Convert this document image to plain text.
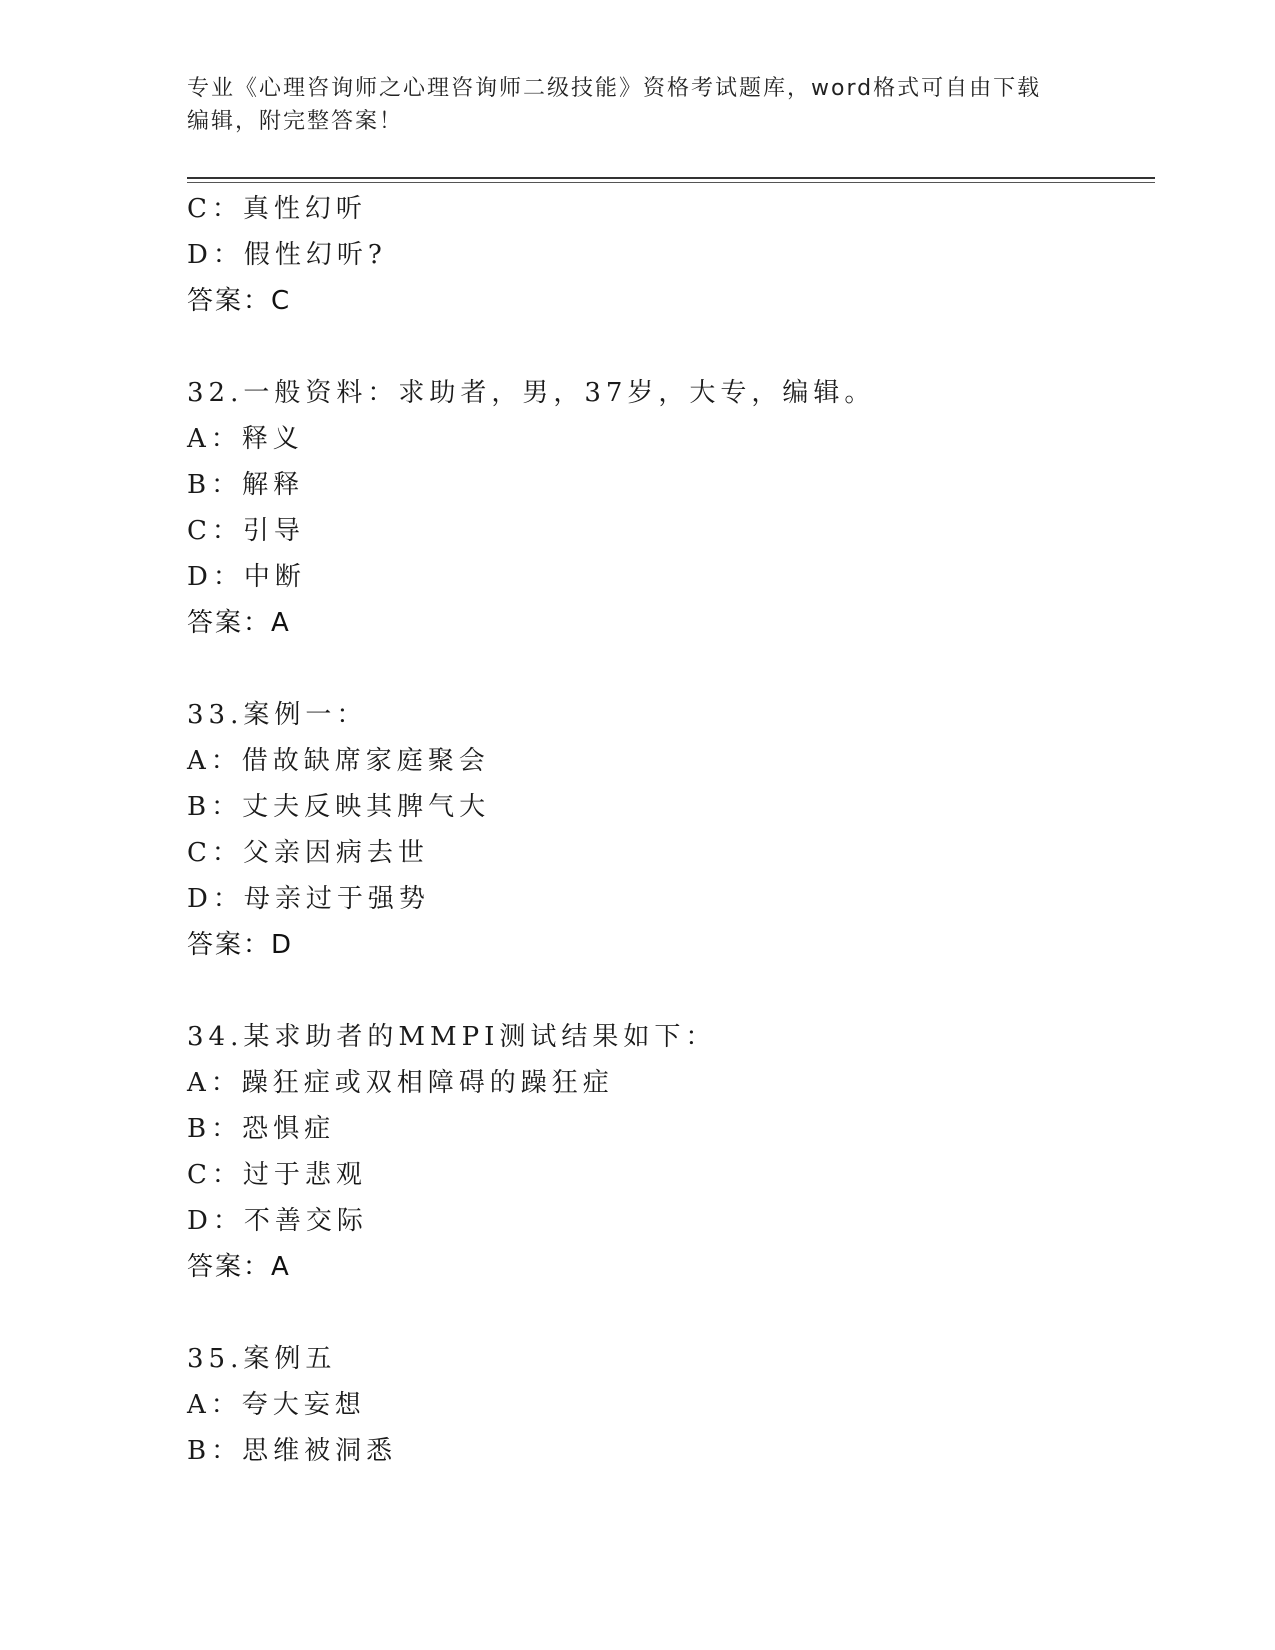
专业《心理咨询师之心理咨询师二级技能》资格考试题库，word格式可自由下载
编辑，附完整答案！
C：真性幻听
D：假性幻听?
答案：C
32.一般资料：求助者，男，37岁，大专，编辑。
A：释义
B：解释
C：引导
D：中断
答案：A
33.案例一：
A：借故缺席家庭聚会
B：丈夫反映其脾气大
C：父亲因病去世
D：母亲过于强势
答案：D
34.某求助者的MMPI测试结果如下：
A：躁狂症或双相障碍的躁狂症
B：恐惧症
C：过于悲观
D：不善交际
答案：A
35.案例五
A：夸大妄想
B：思维被洞悉
